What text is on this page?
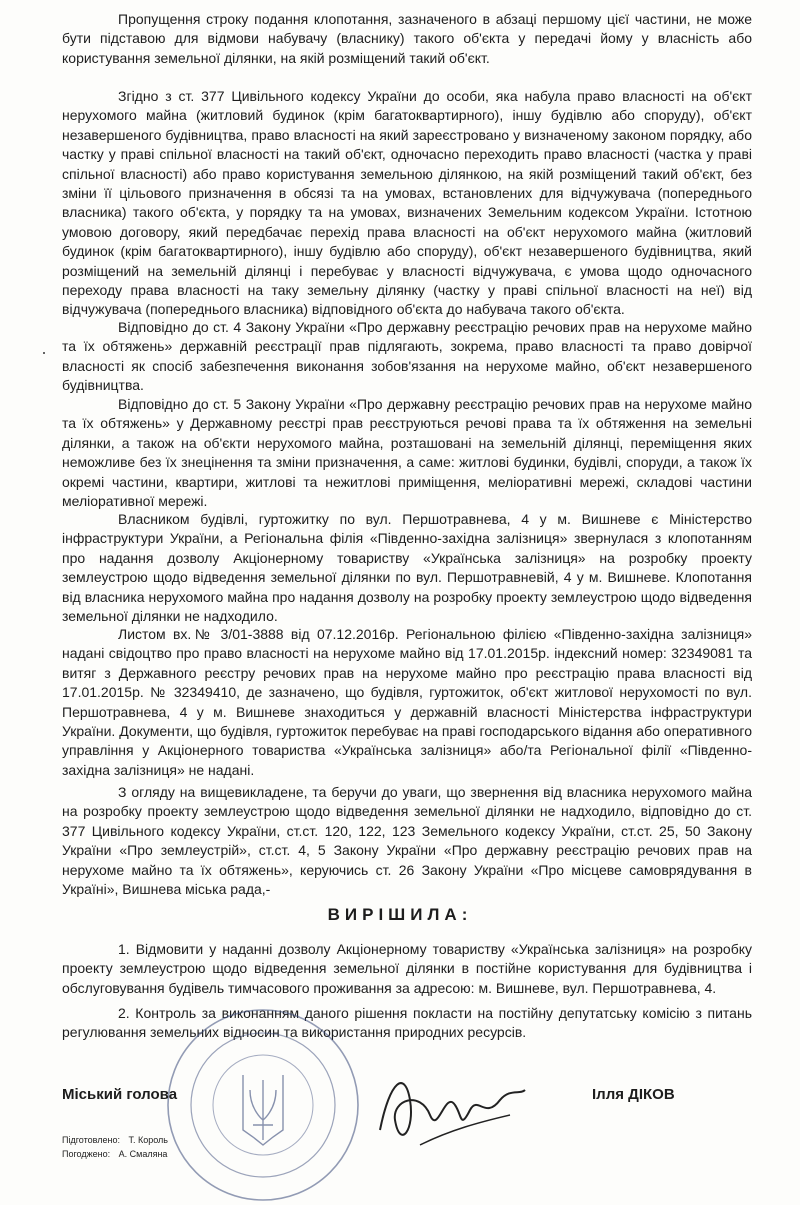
Пропущення строку подання клопотання, зазначеного в абзаці першому цієї частини, не може бути підставою для відмови набувачу (власнику) такого об'єкта у передачі йому у власність або користування земельної ділянки, на якій розміщений такий об'єкт.

Згідно з ст. 377 Цивільного кодексу України до особи, яка набула право власності на об'єкт нерухомого майна (житловий будинок (крім багатоквартирного), іншу будівлю або споруду), об'єкт незавершеного будівництва, право власності на який зареєстровано у визначеному законом порядку, або частку у праві спільної власності на такий об'єкт, одночасно переходить право власності (частка у праві спільної власності) або право користування земельною ділянкою, на якій розміщений такий об'єкт, без зміни її цільового призначення в обсязі та на умовах, встановлених для відчужувача (попереднього власника) такого об'єкта, у порядку та на умовах, визначених Земельним кодексом України. Істотною умовою договору, який передбачає перехід права власності на об'єкт нерухомого майна (житловий будинок (крім багатоквартирного), іншу будівлю або споруду), об'єкт незавершеного будівництва, який розміщений на земельній ділянці і перебуває у власності відчужувача, є умова щодо одночасного переходу права власності на таку земельну ділянку (частку у праві спільної власності на неї) від відчужувача (попереднього власника) відповідного об'єкта до набувача такого об'єкта.

Відповідно до ст. 4 Закону України «Про державну реєстрацію речових прав на нерухоме майно та їх обтяжень» державній реєстрації прав підлягають, зокрема, право власності та право довірчої власності як спосіб забезпечення виконання зобов'язання на нерухоме майно, об'єкт незавершеного будівництва.

Відповідно до ст. 5 Закону України «Про державну реєстрацію речових прав на нерухоме майно та їх обтяжень» у Державному реєстрі прав реєструються речові права та їх обтяження на земельні ділянки, а також на об'єкти нерухомого майна, розташовані на земельній ділянці, переміщення яких неможливе без їх знецінення та зміни призначення, а саме: житлові будинки, будівлі, споруди, а також їх окремі частини, квартири, житлові та нежитлові приміщення, меліоративні мережі, складові частини меліоративної мережі.

Власником будівлі, гуртожитку по вул. Першотравнева, 4 у м. Вишневе є Міністерство інфраструктури України, а Регіональна філія «Південно-західна залізниця» звернулася з клопотанням про надання дозволу Акціонерному товариству «Українська залізниця» на розробку проекту землеустрою щодо відведення земельної ділянки по вул. Першотравневій, 4 у м. Вишневе. Клопотання від власника нерухомого майна про надання дозволу на розробку проекту землеустрою щодо відведення земельної ділянки не надходило.

Листом вх.№ 3/01-3888 від 07.12.2016р. Регіональною філією «Південно-західна залізниця» надані свідоцтво про право власності на нерухоме майно від 17.01.2015р. індексний номер: 32349081 та витяг з Державного реєстру речових прав на нерухоме майно про реєстрацію права власності від 17.01.2015р. № 32349410, де зазначено, що будівля, гуртожиток, об'єкт житлової нерухомості по вул. Першотравнева, 4 у м. Вишневе знаходиться у державній власності Міністерства інфраструктури України. Документи, що будівля, гуртожиток перебуває на праві господарського відання або оперативного управління у Акціонерного товариства «Українська залізниця» або/та Регіональної філії «Південно-західна залізниця» не надані.

З огляду на вищевикладене, та беручи до уваги, що звернення від власника нерухомого майна на розробку проекту землеустрою щодо відведення земельної ділянки не надходило, відповідно до ст. 377 Цивільного кодексу України, ст.ст. 120, 122, 123 Земельного кодексу України, ст.ст. 25, 50 Закону України «Про землеустрій», ст.ст. 4, 5 Закону України «Про державну реєстрацію речових прав на нерухоме майно та їх обтяжень», керуючись ст. 26 Закону України «Про місцеве самоврядування в Україні», Вишнева міська рада,-

ВИРІШИЛА:

1. Відмовити у наданні дозволу Акціонерному товариству «Українська залізниця» на розробку проекту землеустрою щодо відведення земельної ділянки в постійне користування для будівництва і обслуговування будівель тимчасового проживання за адресою: м. Вишневе, вул. Першотравнева, 4.

2. Контроль за виконанням даного рішення покласти на постійну депутатську комісію з питань регулювання земельних відносин та використання природних ресурсів.

Міський голова	Ілля ДІКОВ
Підготовлено: Т. Король
Погоджено: А. Смаляна
